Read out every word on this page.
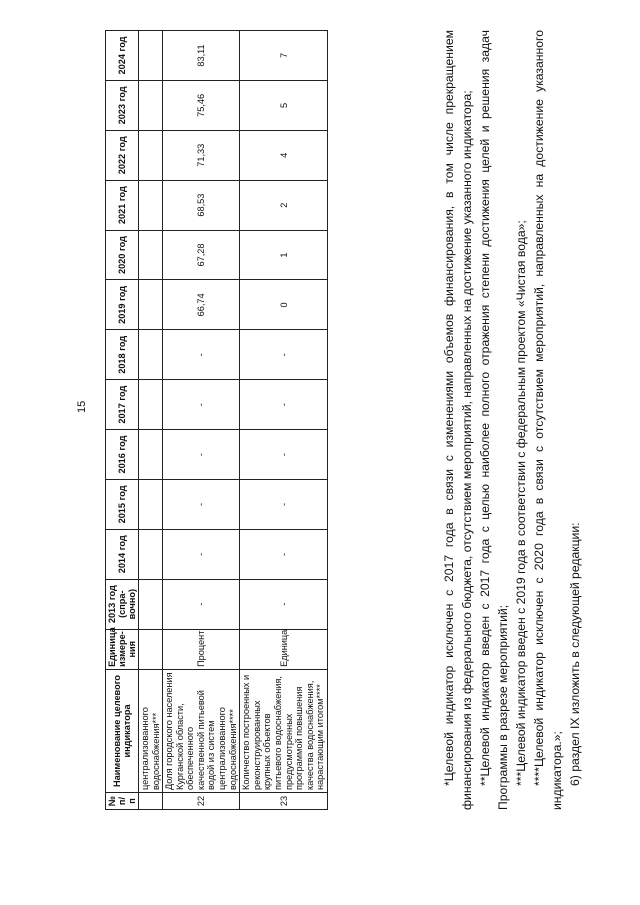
15
№ п/п	Наименование целевого индикатора	Единица измере-ния	2013 год (спра-вочно)	2014 год	2015 год	2016 год	2017 год	2018 год	2019 год	2020 год	2021 год	2022 год	2023 год	2024 год
	централизованного водоснабжения***													
22	Доля городского населения Курганской области, обеспеченного качественной питьевой водой из систем централизованного водоснабжения****	Процент	-	-	-	-	-	-	66,74	67,28	68,53	71,33	75,46	83,11
23	Количество построенных и реконструированных крупных объектов питьевого водоснабжения, предусмотренных программой повышения качества водоснабжения, нарастающим итогом****	Единица	-	-	-	-	-	-	0	1	2	4	5	7	*Целевой индикатор исключен с 2017 года в связи с изменениями объемов финансирования, в том числе прекращением финансирования из федерального бюджета, отсутствием мероприятий, направленных на достижение указанного индикатора; **Целевой индикатор введен с 2017 года с целью наиболее полного отражения степени достижения целей и решения задач Программы в разрезе мероприятий; ***Целевой индикатор введен с 2019 года в соответствии с федеральным проектом «Чистая вода»; ****Целевой индикатор исключен с 2020 года в связи с отсутствием мероприятий, направленных на достижение указанного индикатора.»; 6) раздел IX изложить в следующей редакции:
